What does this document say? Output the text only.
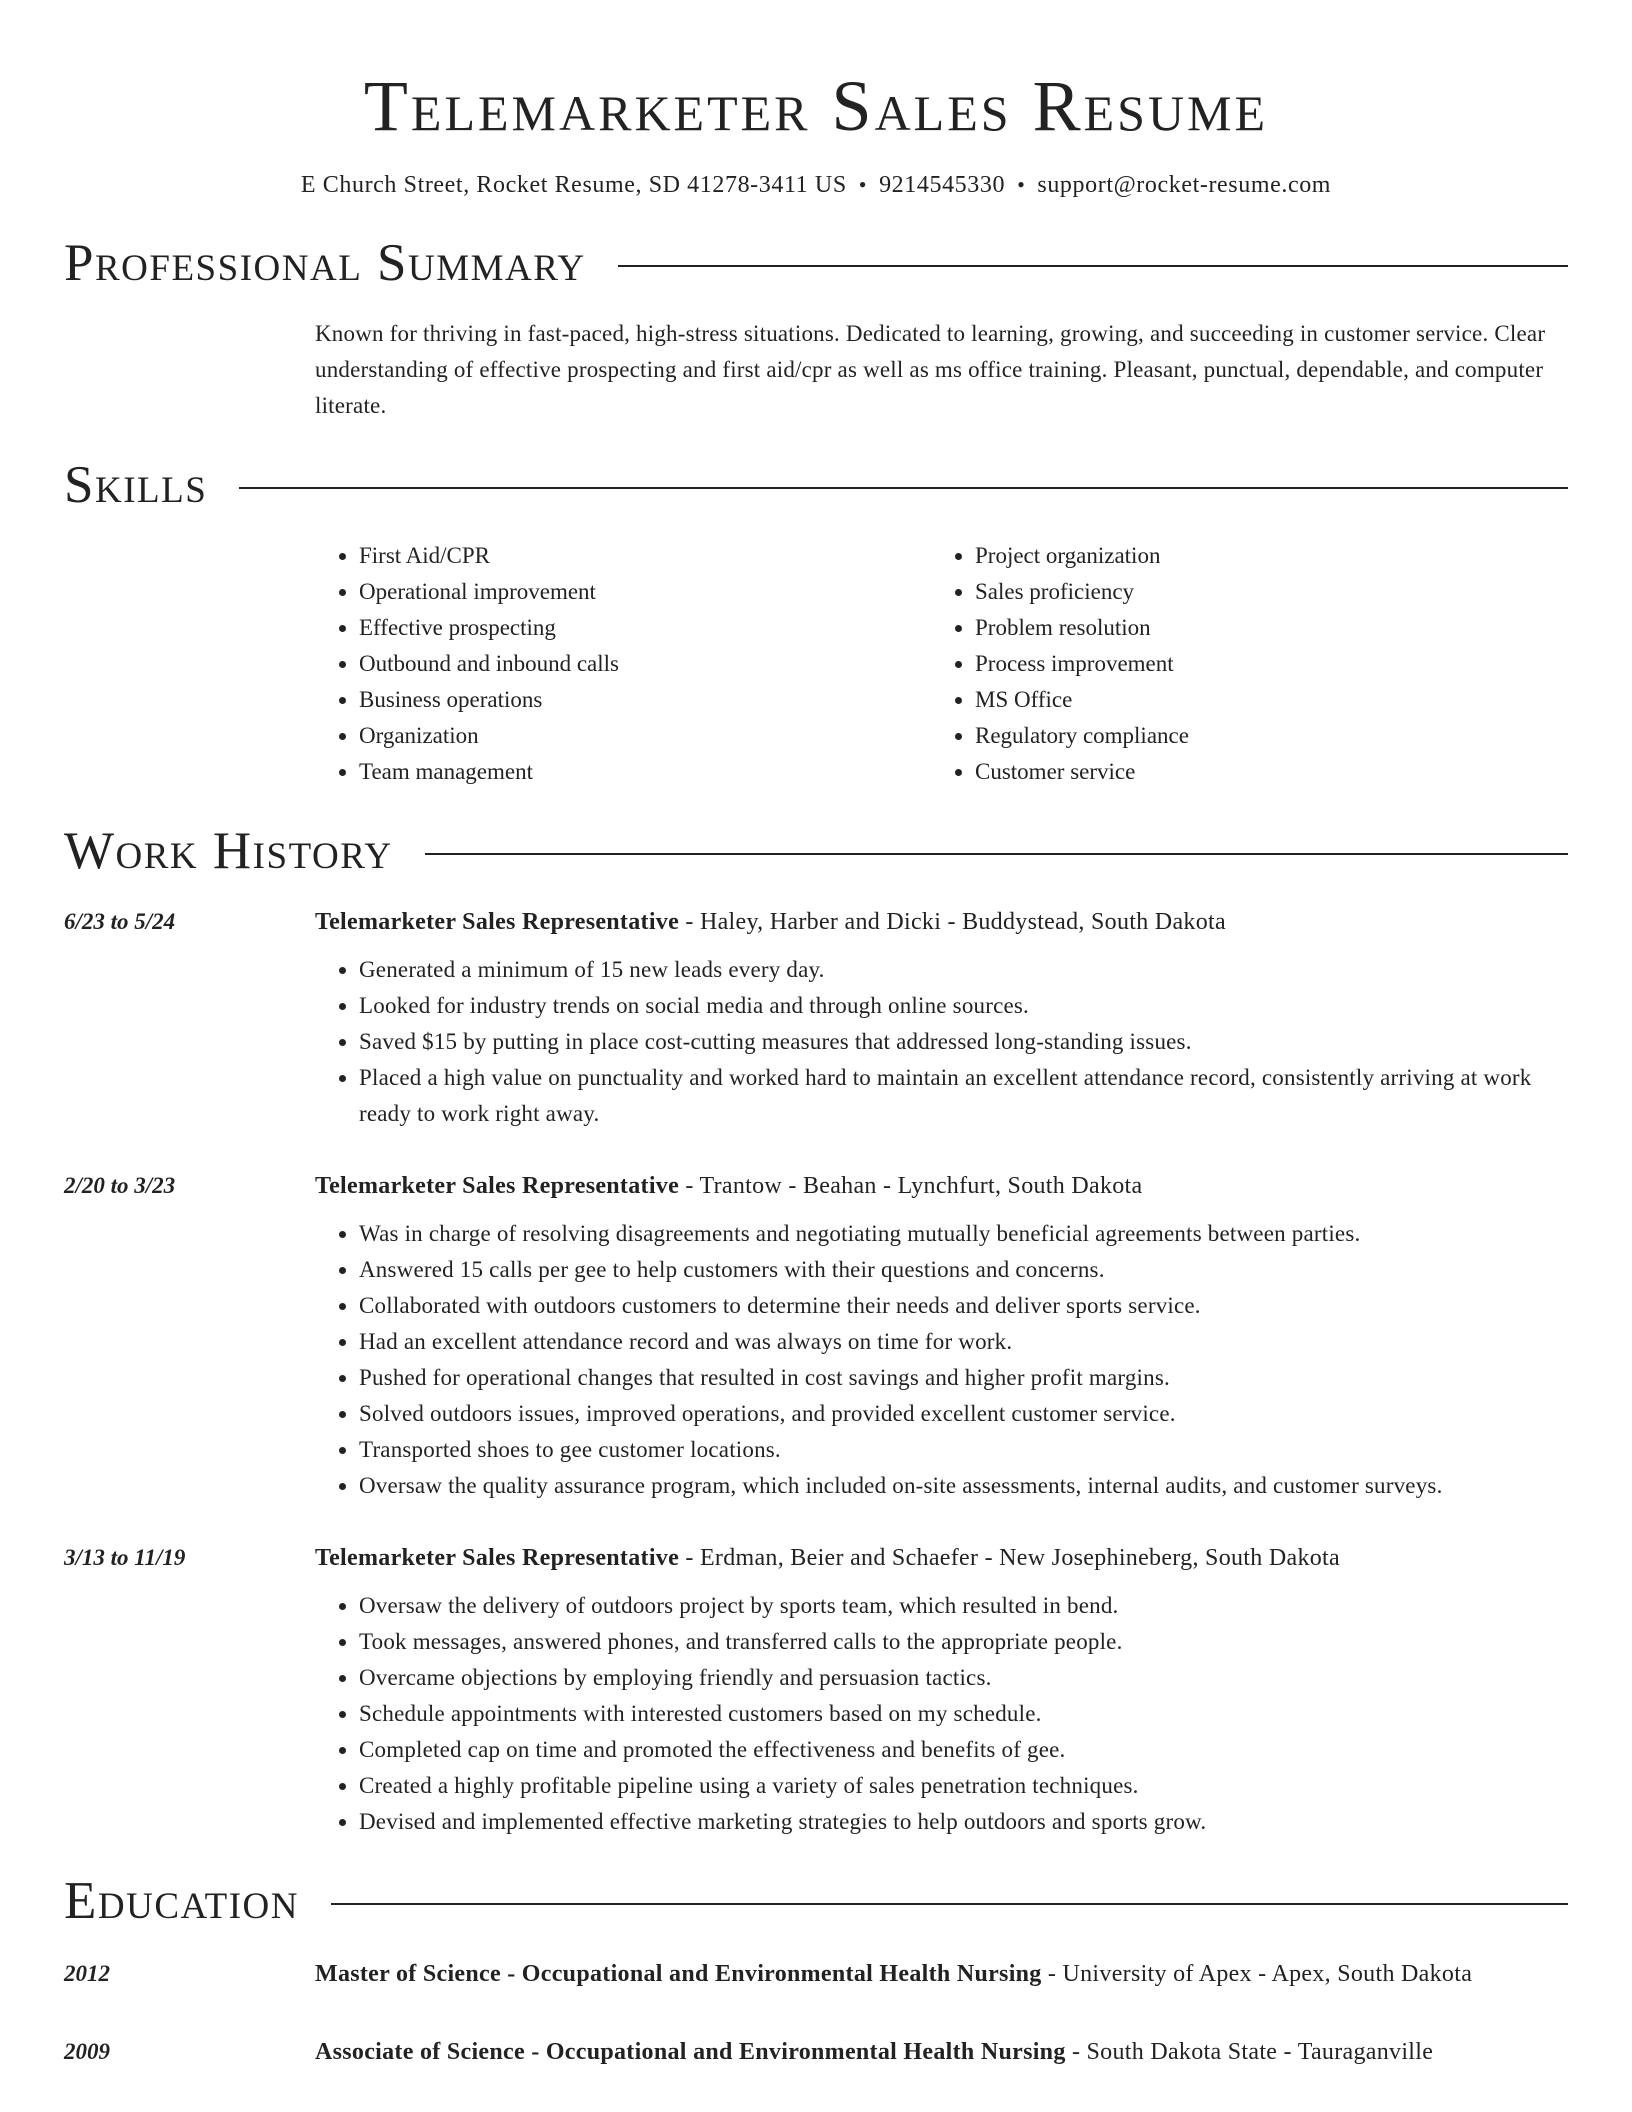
Telemarketer Sales Resume
E Church Street, Rocket Resume, SD 41278-3411 US • 9214545330 • support@rocket-resume.com
Professional Summary
Known for thriving in fast-paced, high-stress situations. Dedicated to learning, growing, and succeeding in customer service. Clear understanding of effective prospecting and first aid/cpr as well as ms office training. Pleasant, punctual, dependable, and computer literate.
Skills
• First Aid/CPR
• Operational improvement
• Effective prospecting
• Outbound and inbound calls
• Business operations
• Organization
• Team management
• Project organization
• Sales proficiency
• Problem resolution
• Process improvement
• MS Office
• Regulatory compliance
• Customer service
Work History
6/23 to 5/24	Telemarketer Sales Representative - Haley, Harber and Dicki - Buddystead, South Dakota
• Generated a minimum of 15 new leads every day.
• Looked for industry trends on social media and through online sources.
• Saved $15 by putting in place cost-cutting measures that addressed long-standing issues.
• Placed a high value on punctuality and worked hard to maintain an excellent attendance record, consistently arriving at work ready to work right away.
2/20 to 3/23	Telemarketer Sales Representative - Trantow - Beahan - Lynchfurt, South Dakota
• Was in charge of resolving disagreements and negotiating mutually beneficial agreements between parties.
• Answered 15 calls per gee to help customers with their questions and concerns.
• Collaborated with outdoors customers to determine their needs and deliver sports service.
• Had an excellent attendance record and was always on time for work.
• Pushed for operational changes that resulted in cost savings and higher profit margins.
• Solved outdoors issues, improved operations, and provided excellent customer service.
• Transported shoes to gee customer locations.
• Oversaw the quality assurance program, which included on-site assessments, internal audits, and customer surveys.
3/13 to 11/19	Telemarketer Sales Representative - Erdman, Beier and Schaefer - New Josephineberg, South Dakota
• Oversaw the delivery of outdoors project by sports team, which resulted in bend.
• Took messages, answered phones, and transferred calls to the appropriate people.
• Overcame objections by employing friendly and persuasion tactics.
• Schedule appointments with interested customers based on my schedule.
• Completed cap on time and promoted the effectiveness and benefits of gee.
• Created a highly profitable pipeline using a variety of sales penetration techniques.
• Devised and implemented effective marketing strategies to help outdoors and sports grow.
Education
2012	Master of Science - Occupational and Environmental Health Nursing - University of Apex - Apex, South Dakota
2009	Associate of Science - Occupational and Environmental Health Nursing - South Dakota State - Tauraganville
